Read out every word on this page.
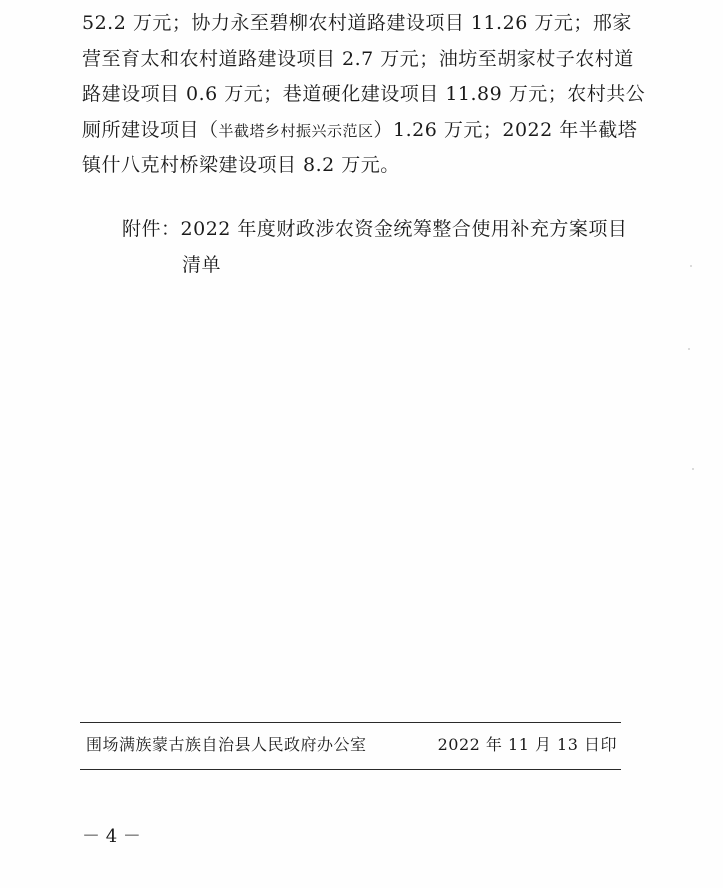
52.2 万元；协力永至碧柳农村道路建设项目 11.26 万元；邢家
营至育太和农村道路建设项目 2.7 万元；油坊至胡家杖子农村道
路建设项目 0.6 万元；巷道硬化建设项目 11.89 万元；农村共公
厕所建设项目（半截塔乡村振兴示范区）1.26 万元；2022 年半截塔
镇什八克村桥梁建设项目 8.2 万元。
附件： 2022 年度财政涉农资金统筹整合使用补充方案项目
清单
围场满族蒙古族自治县人民政府办公室	2022 年 11 月 13 日印
－ 4 －
